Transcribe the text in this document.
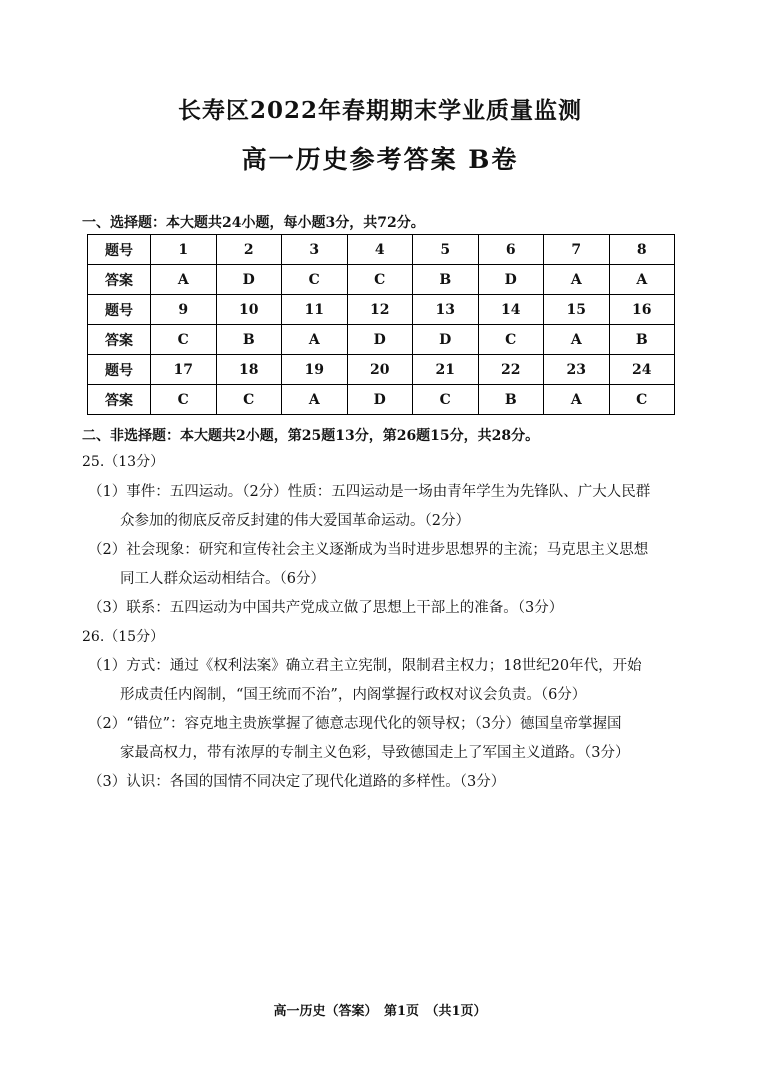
长寿区2022年春期期末学业质量监测
高一历史参考答案 B卷
一、选择题：本大题共24小题，每小题3分，共72分。
题号	1	2	3	4	5	6	7	8
答案	A	D	C	C	B	D	A	A
题号	9	10	11	12	13	14	15	16
答案	C	B	A	D	D	C	A	B
题号	17	18	19	20	21	22	23	24
答案	C	C	A	D	C	B	A	C
二、非选择题：本大题共2小题，第25题13分，第26题15分，共28分。
25.（13分）
（1）事件：五四运动。（2分）性质：五四运动是一场由青年学生为先锋队、广大人民群
众参加的彻底反帝反封建的伟大爱国革命运动。（2分）
（2）社会现象：研究和宣传社会主义逐渐成为当时进步思想界的主流；马克思主义思想
同工人群众运动相结合。（6分）
（3）联系：五四运动为中国共产党成立做了思想上干部上的准备。（3分）
26.（15分）
（1）方式：通过《权利法案》确立君主立宪制，限制君主权力；18世纪20年代，开始
形成责任内阁制，“国王统而不治”，内阁掌握行政权对议会负责。（6分）
（2）“错位”：容克地主贵族掌握了德意志现代化的领导权；（3分）德国皇帝掌握国
家最高权力，带有浓厚的专制主义色彩，导致德国走上了军国主义道路。（3分）
（3）认识：各国的国情不同决定了现代化道路的多样性。（3分）
高一历史（答案）　第1页　（共1页）
